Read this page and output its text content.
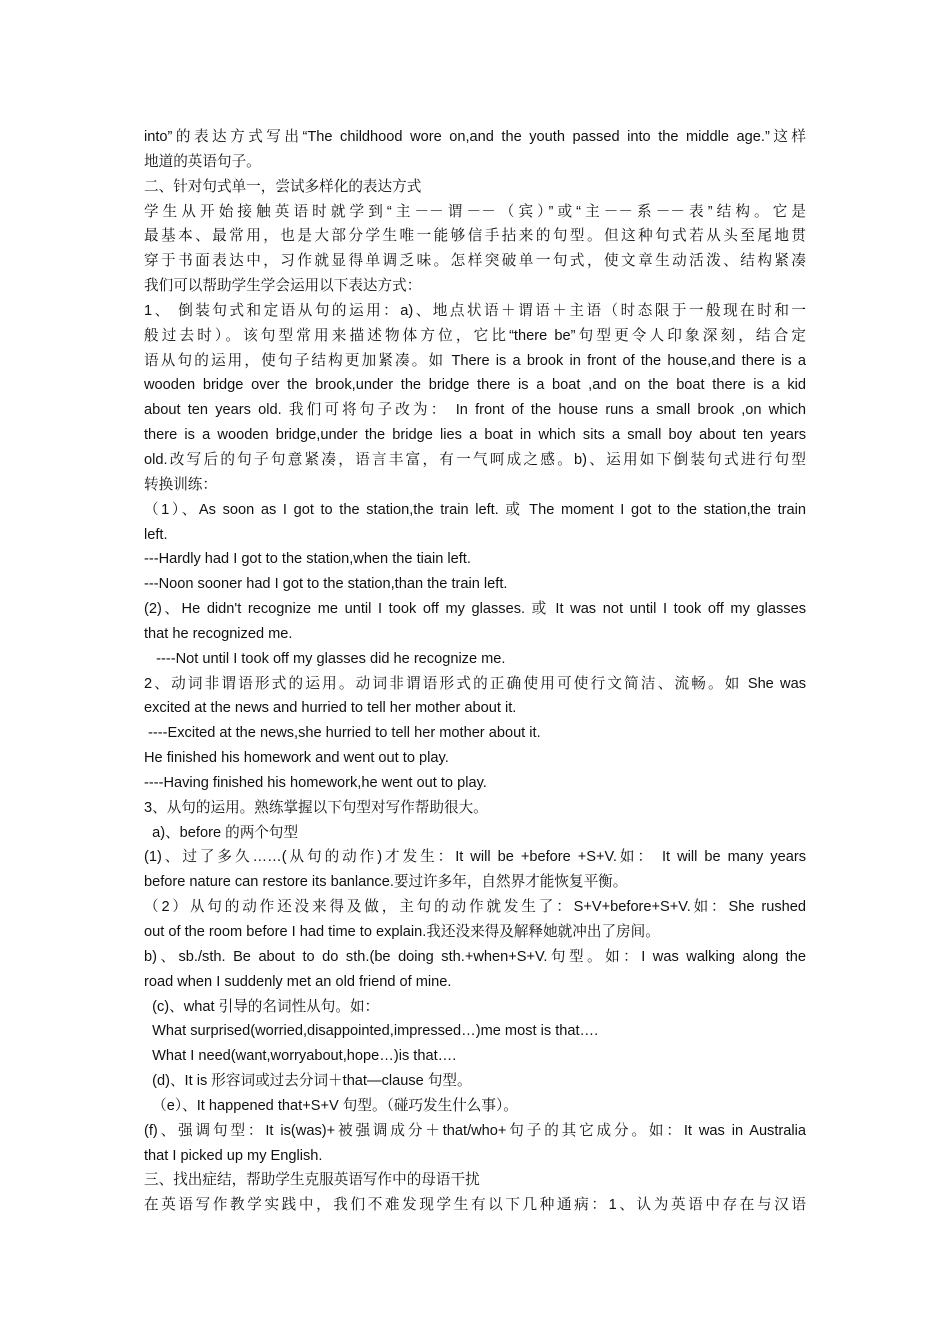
into”的表达方式写出“The childhood wore on,and the youth passed into the middle age.”这样
地道的英语句子。
二、针对句式单一，尝试多样化的表达方式
学生从开始接触英语时就学到“主－－谓－－（宾）”或“主－－系－－表”结构。它是
最基本、最常用，也是大部分学生唯一能够信手拈来的句型。但这种句式若从头至尾地贯
穿于书面表达中，习作就显得单调乏味。怎样突破单一句式，使文章生动活泼、结构紧凑
我们可以帮助学生学会运用以下表达方式：
1、 倒装句式和定语从句的运用：a)、地点状语＋谓语＋主语（时态限于一般现在时和一
般过去时）。该句型常用来描述物体方位，它比“there be”句型更令人印象深刻，结合定
语从句的运用，使句子结构更加紧凑。如 There is a brook in front of the house,and there is a
wooden bridge over the brook,under the bridge there is a boat ,and on the boat there is a kid
about ten years old. 我们可将句子改为： In front of the house runs a small brook ,on which
there is a wooden bridge,under the bridge lies a boat in which sits a small boy about ten years
old.改写后的句子句意紧凑，语言丰富，有一气呵成之感。b)、运用如下倒装句式进行句型
转换训练：
（1）、As soon as I got to the station,the train left. 或 The moment I got to the station,the train
left.
---Hardly had I got to the station,when the tiain left.
---Noon sooner had I got to the station,than the train left.
(2)、He didn't recognize me until I took off my glasses. 或 It was not until I took off my glasses
that he recognized me.
----Not until I took off my glasses did he recognize me.
2、动词非谓语形式的运用。动词非谓语形式的正确使用可使行文简洁、流畅。如 She was
excited at the news and hurried to tell her mother about it.
----Excited at the news,she hurried to tell her mother about it.
He finished his homework and went out to play.
----Having finished his homework,he went out to play.
3、从句的运用。熟练掌握以下句型对写作帮助很大。
a)、before 的两个句型
(1)、过了多久……(从句的动作)才发生：It will be +before +S+V.如： It will be many years
before nature can restore its banlance.要过许多年，自然界才能恢复平衡。
（2）从句的动作还没来得及做，主句的动作就发生了：S+V+before+S+V.如：She rushed
out of the room before I had time to explain.我还没来得及解释她就冲出了房间。
b)、sb./sth. Be about to do sth.(be doing sth.+when+S+V.句型。如：I was walking along the
road when I suddenly met an old friend of mine.
(c)、what 引导的名词性从句。如：
What surprised(worried,disappointed,impressed…)me most is that….
What I need(want,worryabout,hope…)is that….
(d)、It is 形容词或过去分词＋that—clause 句型。
（e）、It happened that+S+V 句型。（碰巧发生什么事）。
(f)、强调句型：It is(was)+被强调成分＋that/who+句子的其它成分。如：It was in Australia
that I picked up my English.
三、找出症结，帮助学生克服英语写作中的母语干扰
在英语写作教学实践中，我们不难发现学生有以下几种通病：1、认为英语中存在与汉语
